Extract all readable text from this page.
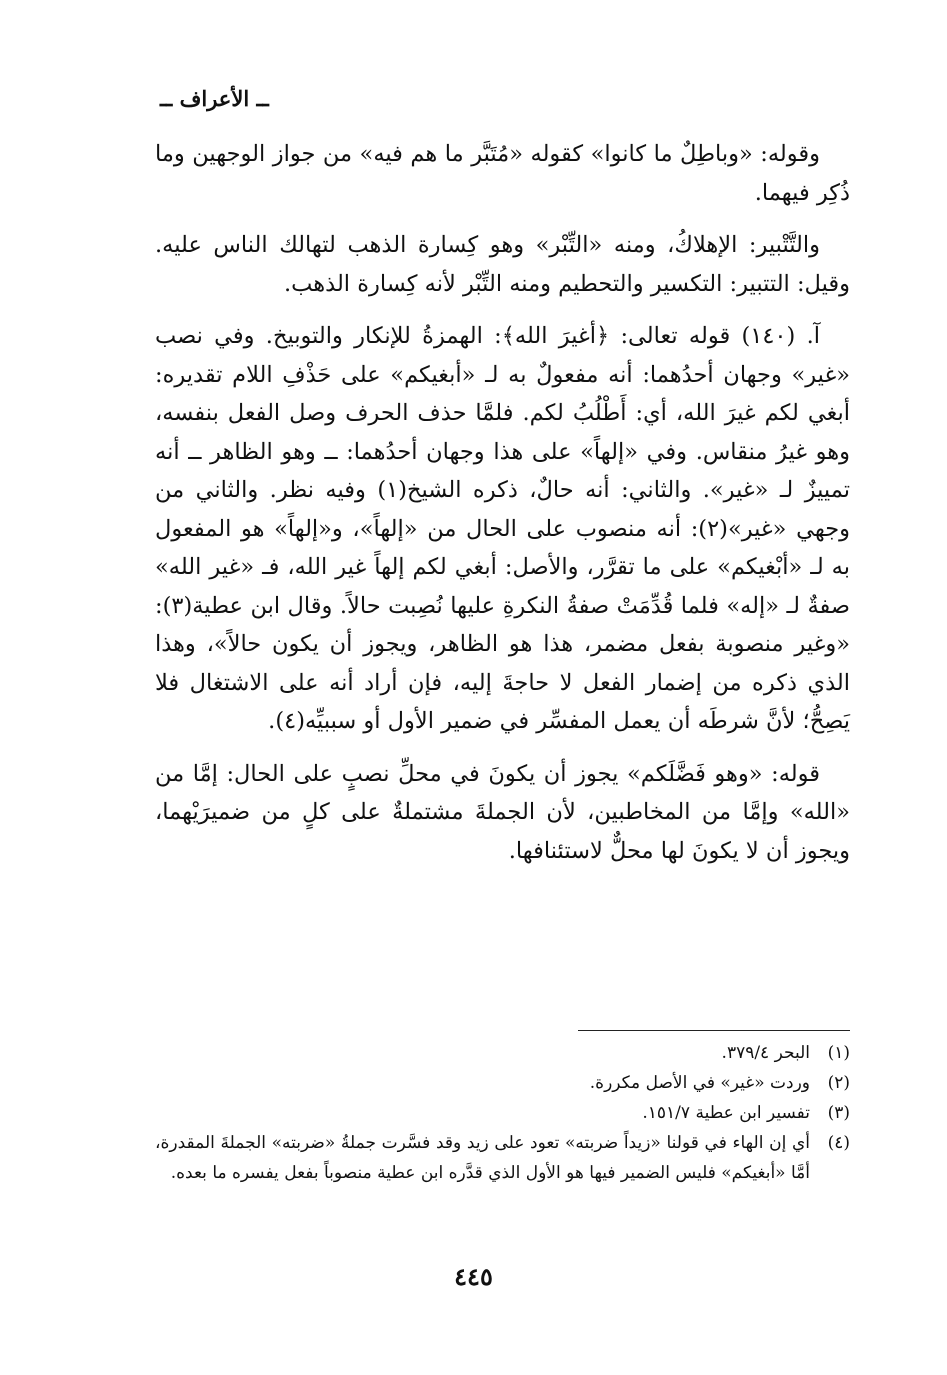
ــ الأعراف ــ

وقوله: «وباطِلٌ ما كانوا» كقوله «مُتَبَّر ما هم فيه» من جواز الوجهين وما ذُكِر فيهما.

والتَّتْبير: الإهلاكُ، ومنه «التِّبْر» وهو كِسارة الذهب لتهالك الناس عليه. وقيل: التتبير: التكسير والتحطيم ومنه التِّبْر لأنه كِسارة الذهب.

آ. (١٤٠) قوله تعالى: ﴿أغيرَ الله﴾: الهمزةُ للإنكار والتوبيخ. وفي نصب «غير» وجهان أحدُهما: أنه مفعولٌ به لـ «أبغيكم» على حَذْفِ اللام تقديره: أبغي لكم غيرَ الله، أي: أَطْلُبُ لكم. فلمَّا حذف الحرف وصل الفعل بنفسه، وهو غيرُ منقاس. وفي «إلهاً» على هذا وجهان أحدُهما: ــ وهو الظاهر ــ أنه تمييزٌ لـ «غير». والثاني: أنه حالٌ، ذكره الشيخ(١) وفيه نظر. والثاني من وجهي «غير»(٢): أنه منصوب على الحال من «إلهاً»، و«إلهاً» هو المفعول به لـ «أبْغيكم» على ما تقرَّر، والأصل: أبغي لكم إلهاً غير الله، فـ «غير الله» صفةٌ لـ «إله» فلما قُدِّمَتْ صفةُ النكرةِ عليها نُصِبت حالاً. وقال ابن عطية(٣): «وغير منصوبة بفعل مضمر، هذا هو الظاهر، ويجوز أن يكون حالاً»، وهذا الذي ذكره من إضمار الفعل لا حاجةَ إليه، فإن أراد أنه على الاشتغال فلا يَصِحُّ؛ لأنَّ شرطَه أن يعمل المفسِّر في ضمير الأول أو سببيِّه(٤).

قوله: «وهو فَضَّلَكم» يجوز أن يكونَ في محلِّ نصبٍ على الحال: إمَّا من «الله» وإمَّا من المخاطبين، لأن الجملةَ مشتملةٌ على كلٍ من ضميرَيْهما، ويجوز أن لا يكونَ لها محلٌّ لاستئنافها.

(١)
البحر ٣٧٩/٤.
(٢)
وردت «غير» في الأصل مكررة.
(٣)
تفسير ابن عطية ١٥١/٧.
(٤)
أي إن الهاء في قولنا «زيداً ضربته» تعود على زيد وقد فسَّرت جملةُ «ضربته» الجملةَ المقدرة، أمَّا «أبغيكم» فليس الضمير فيها هو الأول الذي قدَّره ابن عطية منصوباً بفعل يفسره ما بعده.
٤٤٥
